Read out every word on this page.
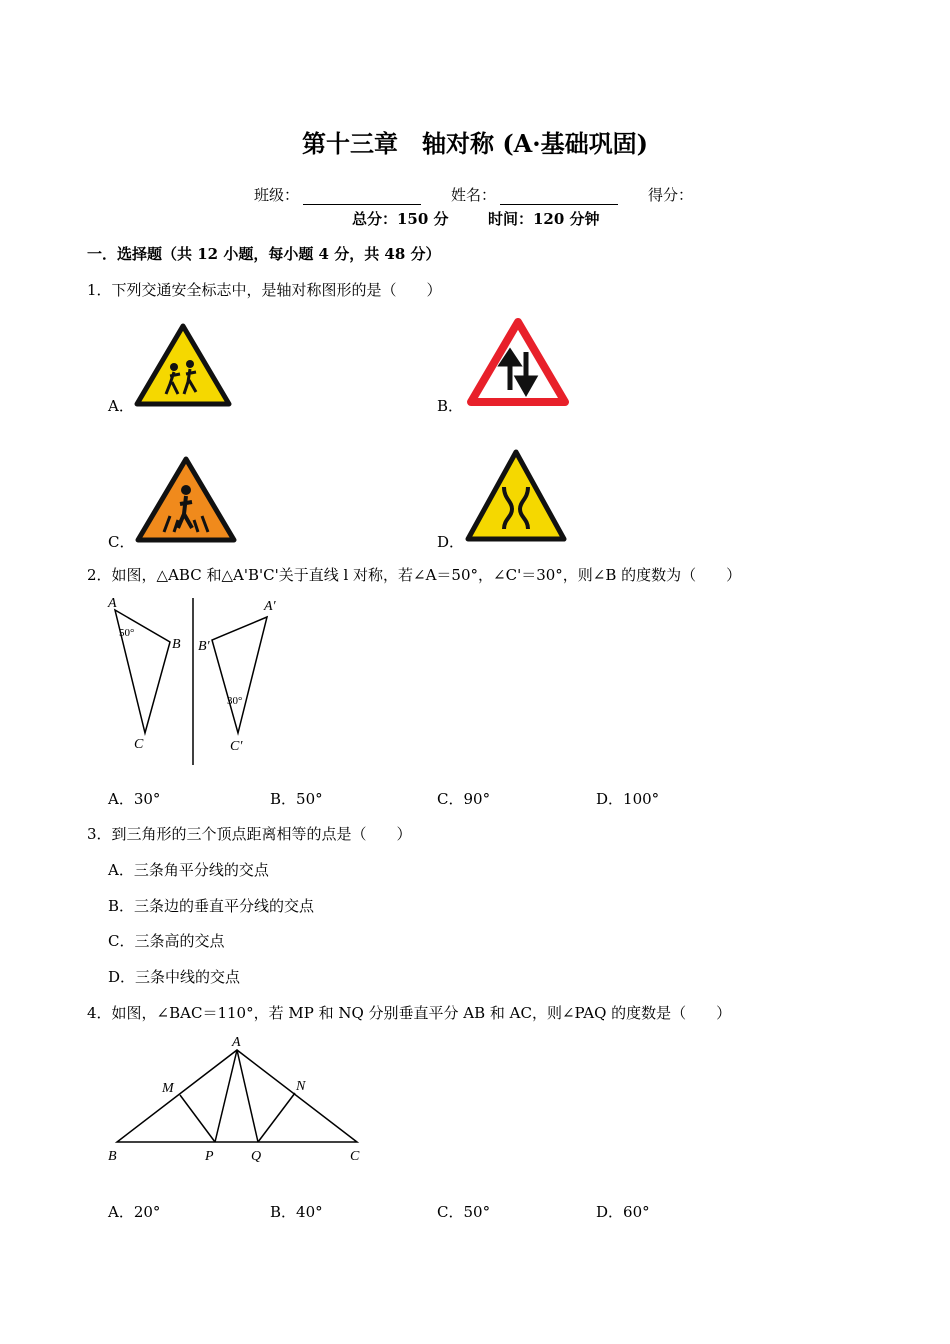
第十三章　轴对称 (A·基础巩固)
班级：	姓名：	得分：
总分：150 分	时间：120 分钟
一．选择题（共 12 小题，每小题 4 分，共 48 分）
1．下列交通安全标志中，是轴对称图形的是（　　）
A．	B．
C．	D．
2．如图，△ABC 和△A'B'C'关于直线 l 对称，若∠A＝50°，∠C'＝30°，则∠B 的度数为（　　）
A
B
C
A′
B′
C′
50°
30°
A．30°	B．50°	C．90°	D．100°
3．到三角形的三个顶点距离相等的点是（　　）
A．三条角平分线的交点
B．三条边的垂直平分线的交点
C．三条高的交点
D．三条中线的交点
4．如图，∠BAC＝110°，若 MP 和 NQ 分别垂直平分 AB 和 AC，则∠PAQ 的度数是（　　）
A
B	C
M	N
P	Q
A．20°	B．40°	C．50°	D．60°
